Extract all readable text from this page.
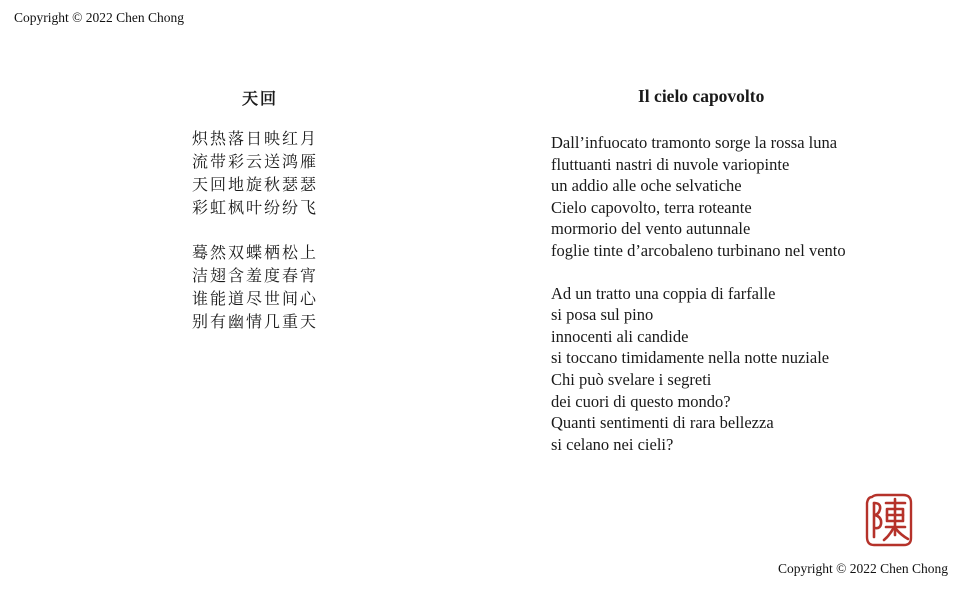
Copyright © 2022 Chen Chong
天回
炽热落日映红月
流带彩云送鸿雁
天回地旋秋瑟瑟
彩虹枫叶纷纷飞
蓦然双蝶栖松上
洁翅含羞度春宵
谁能道尽世间心
别有幽情几重天
Il cielo capovolto
Dall’infuocato tramonto sorge la rossa luna
fluttuanti nastri di nuvole variopinte
un addio alle oche selvatiche
Cielo capovolto, terra roteante
mormorio del vento autunnale
foglie tinte d’arcobaleno turbinano nel vento
Ad un tratto una coppia di farfalle
si posa sul pino
innocenti ali candide
si toccano timidamente nella notte nuziale
Chi può svelare i segreti
dei cuori di questo mondo?
Quanti sentimenti di rara bellezza
si celano nei cieli?
Copyright © 2022 Chen Chong
